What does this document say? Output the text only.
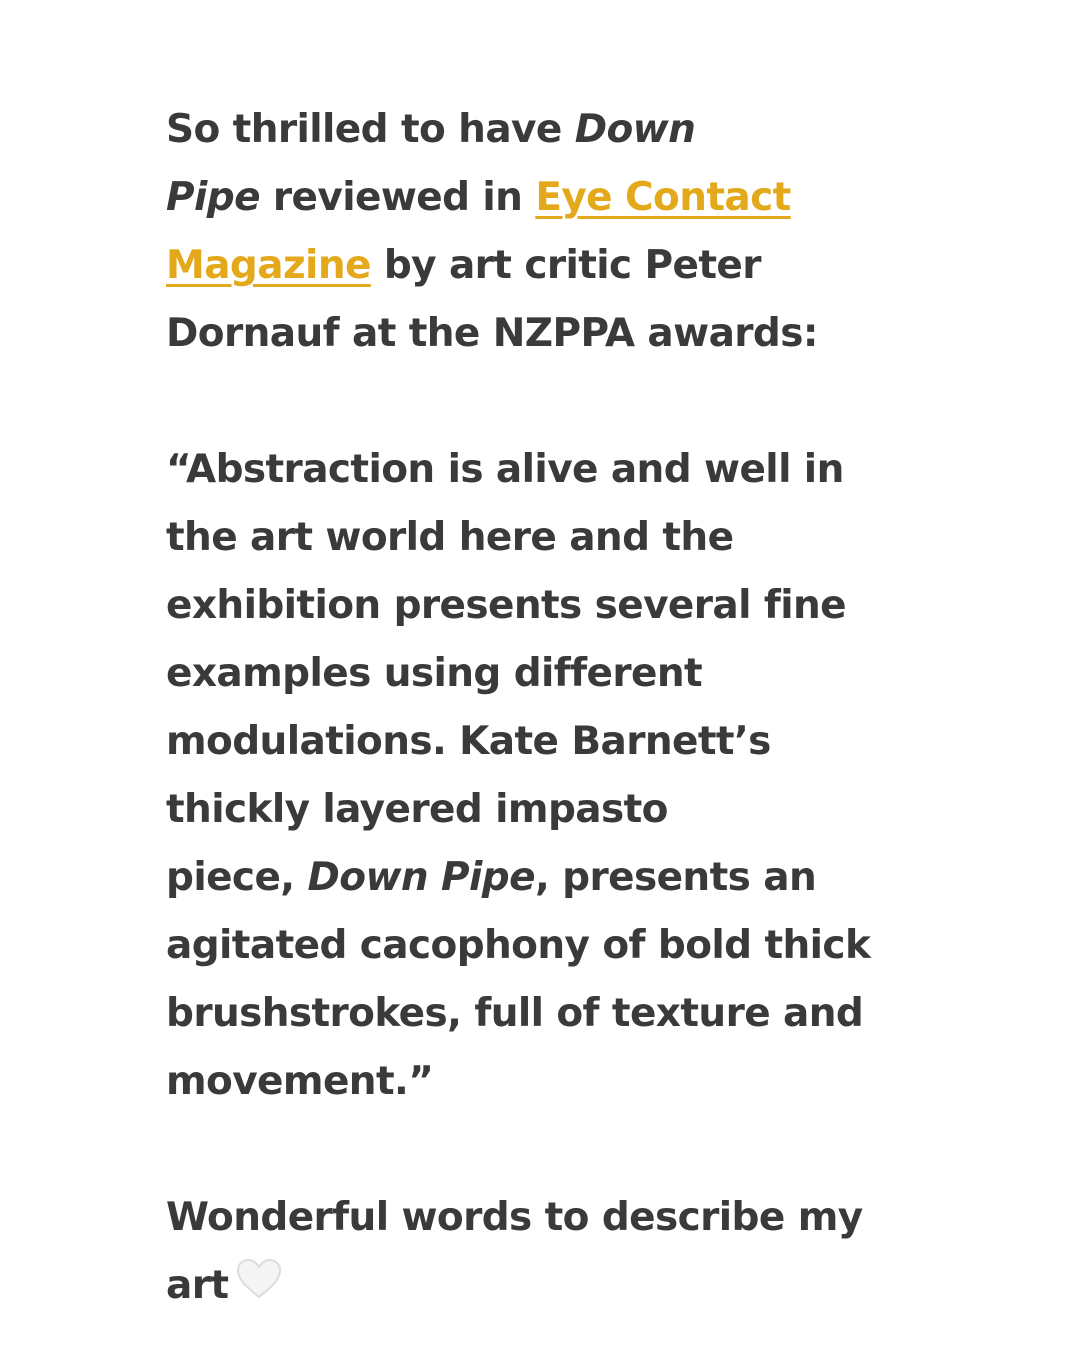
So thrilled to have Down
Pipe reviewed in Eye Contact
Magazine by art critic Peter
Dornauf at the NZPPA awards:
“Abstraction is alive and well in
the art world here and the
exhibition presents several fine
examples using different
modulations. Kate Barnett’s
thickly layered impasto
piece, Down Pipe, presents an
agitated cacophony of bold thick
brushstrokes, full of texture and
movement.”
Wonderful words to describe my
art
